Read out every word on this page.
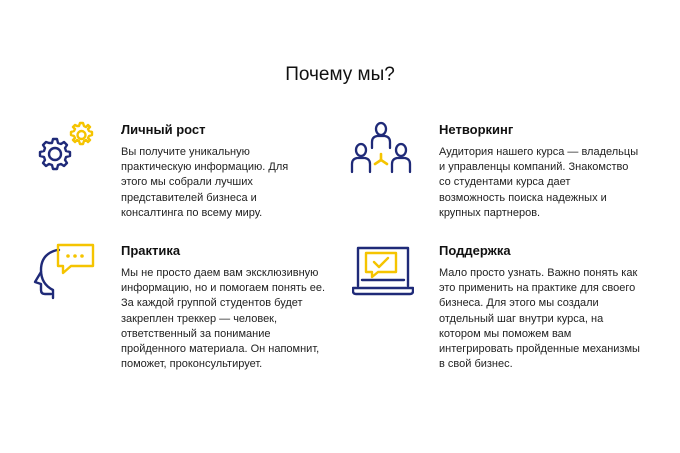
Почему мы?
Личный рост

Вы получите уникальную практическую информацию. Для этого мы собрали лучших представителей бизнеса и консалтинга по всему миру.

Нетворкинг

Аудитория нашего курса — владельцы и управленцы компаний. Знакомство со студентами курса дает возможность поиска надежных и крупных партнеров.

Практика

Мы не просто даем вам эксклюзивную информацию, но и помогаем понять ее. За каждой группой студентов будет закреплен треккер — человек, ответственный за понимание пройденного материала. Он напомнит, поможет, проконсультирует.

Поддержка

Мало просто узнать. Важно понять как это применить на практике для своего бизнеса. Для этого мы создали отдельный шаг внутри курса, на котором мы поможем вам интегрировать пройденные механизмы в свой бизнес.
